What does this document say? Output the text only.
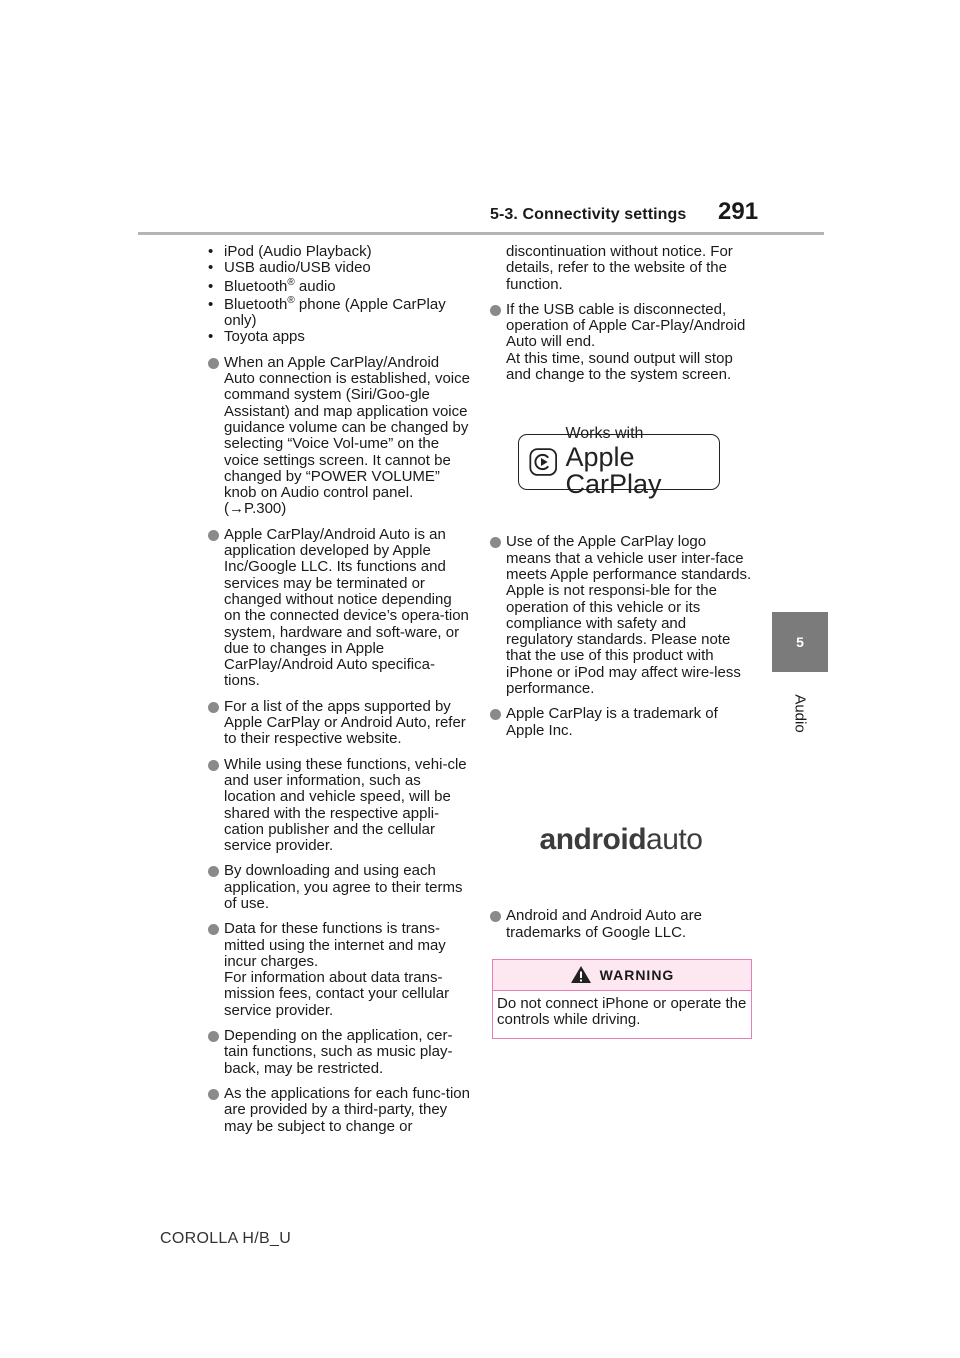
5-3. Connectivity settings 291
5
Audio
• iPod (Audio Playback)
• USB audio/USB video
• Bluetooth® audio
• Bluetooth® phone (Apple CarPlay only)
• Toyota apps

When an Apple CarPlay/Android Auto connection is established, voice command system (Siri/Goo-gle Assistant) and map application voice guidance volume can be changed by selecting “Voice Vol-ume” on the voice settings screen. It cannot be changed by “POWER VOLUME” knob on Audio control panel.(→P.300)

Apple CarPlay/Android Auto is an application developed by Apple Inc/Google LLC. Its functions and services may be terminated or changed without notice depending on the connected device’s opera-tion system, hardware and soft-ware, or due to changes in Apple CarPlay/Android Auto specifica-tions.

For a list of the apps supported by Apple CarPlay or Android Auto, refer to their respective website.

While using these functions, vehi-cle and user information, such as location and vehicle speed, will be shared with the respective appli-cation publisher and the cellular service provider.

By downloading and using each application, you agree to their terms of use.

Data for these functions is trans-mitted using the internet and may incur charges.

For information about data trans-mission fees, contact your cellular service provider.

Depending on the application, cer-tain functions, such as music play-back, may be restricted.

As the applications for each func-tion are provided by a third-party, they may be subject to change or

discontinuation without notice. For details, refer to the website of the function.

If the USB cable is disconnected, operation of Apple Car-Play/Android Auto will end.

At this time, sound output will stop and change to the system screen.
Works with
Apple CarPlay

Use of the Apple CarPlay logo means that a vehicle user inter-face meets Apple performance standards. Apple is not responsi-ble for the operation of this vehicle or its compliance with safety and regulatory standards. Please note that the use of this product with iPhone or iPod may affect wire-less performance.

Apple CarPlay is a trademark of Apple Inc.

androidauto

Android and Android Auto are trademarks of Google LLC.

WARNING
Do not connect iPhone or operate the controls while driving.
COROLLA H/B_U
